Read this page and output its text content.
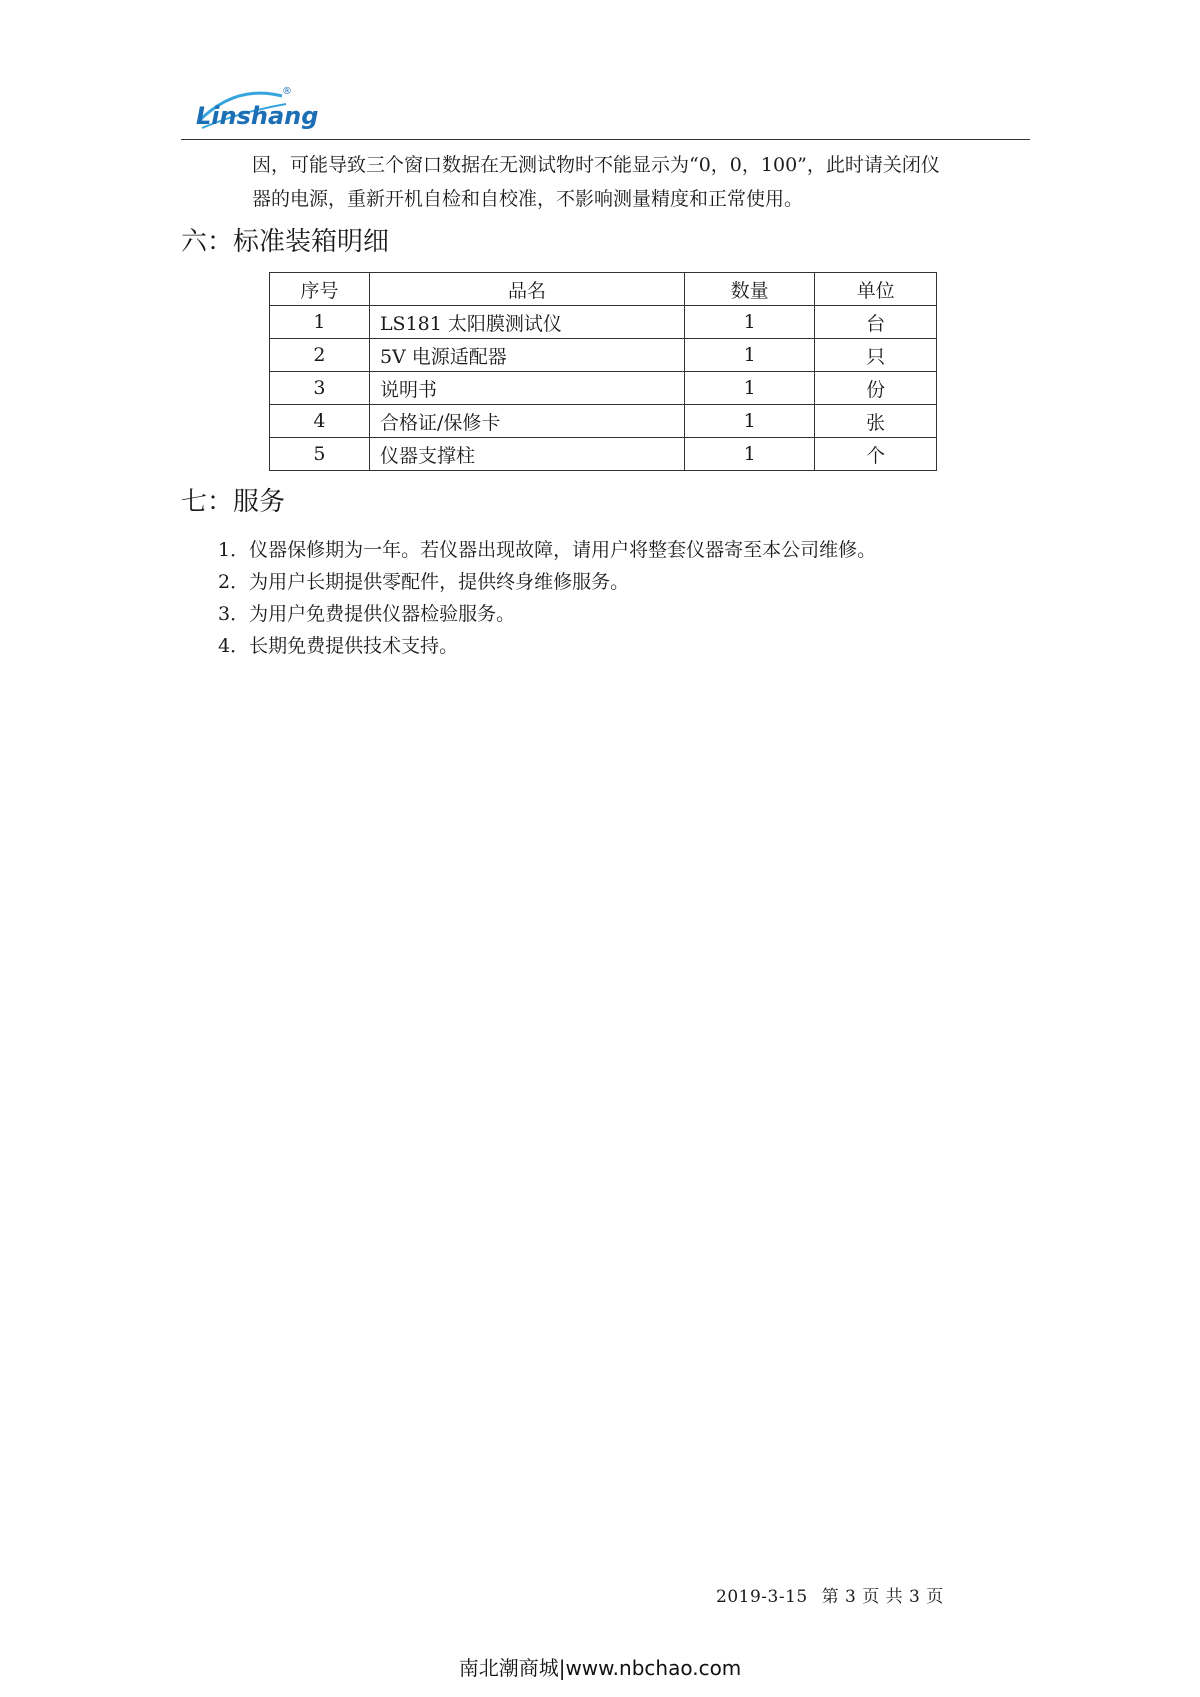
Linshang
®

因，可能导致三个窗口数据在无测试物时不能显示为“0，0，100”，此时请关闭仪

器的电源，重新开机自检和自校准，不影响测量精度和正常使用。

六：标准装箱明细
序号	品名	数量	单位
1	LS181 太阳膜测试仪	1	台
2	5V 电源适配器	1	只
3	说明书	1	份
4	合格证/保修卡	1	张
5	仪器支撑柱	1	个
七：服务
1．仪器保修期为一年。若仪器出现故障，请用户将整套仪器寄至本公司维修。
2．为用户长期提供零配件，提供终身维修服务。
3．为用户免费提供仪器检验服务。
4．长期免费提供技术支持。
2019-3-15 第 3 页 共 3 页
南北潮商城|www.nbchao.com
